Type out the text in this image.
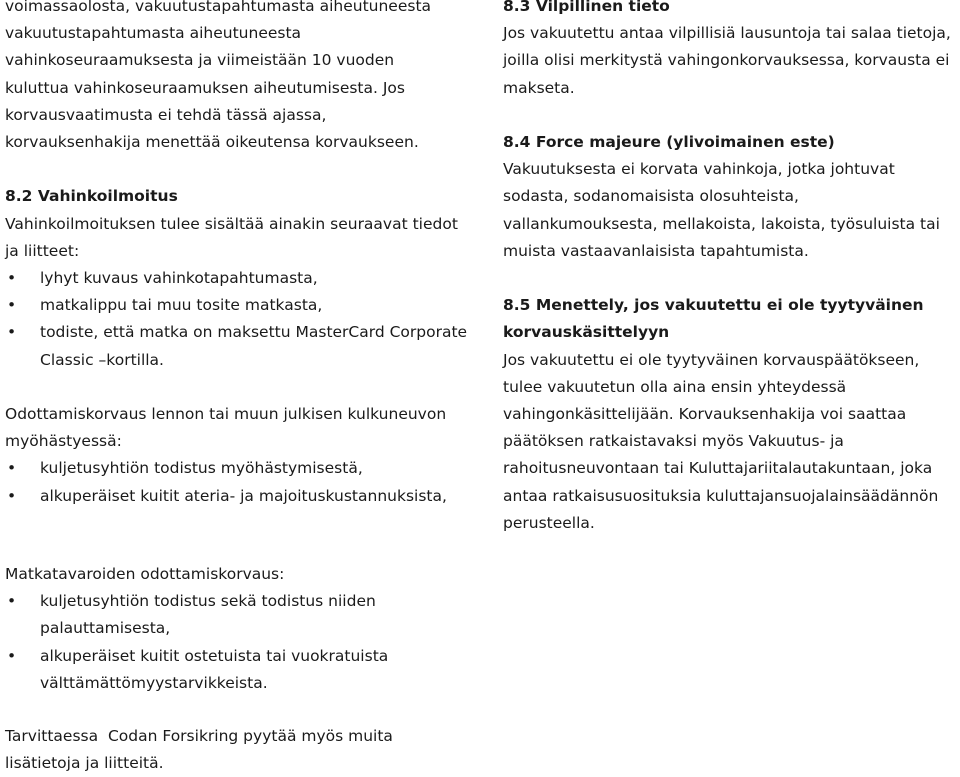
voimassaolosta, vakuutustapahtumasta aiheutuneesta

vakuutustapahtumasta aiheutuneesta

vahinkoseuraamuksesta ja viimeistään 10 vuoden

kuluttua vahinkoseuraamuksen aiheutumisesta. Jos

korvausvaatimusta ei tehdä tässä ajassa,

korvauksenhakija menettää oikeutensa korvaukseen.

8.2 Vahinkoilmoitus

Vahinkoilmoituksen tulee sisältää ainakin seuraavat tiedot ja liitteet:

• lyhyt kuvaus vahinkotapahtumasta,
• matkalippu tai muu tosite matkasta,
• todiste, että matka on maksettu MasterCard Corporate Classic –kortilla.

Odottamiskorvaus lennon tai muun julkisen kulkuneuvon myöhästyessä:

• kuljetusyhtiön todistus myöhästymisestä,
• alkuperäiset kuitit ateria- ja majoituskustannuksista,

8.3 Vilpillinen tieto

Jos vakuutettu antaa vilpillisiä lausuntoja tai salaa tietoja, joilla olisi merkitystä vahingonkorvauksessa, korvausta ei makseta.

8.4 Force majeure (ylivoimainen este)

Vakuutuksesta ei korvata vahinkoja, jotka johtuvat sodasta, sodanomaisista olosuhteista, vallankumouksesta, mellakoista, lakoista, työsuluista tai muista vastaavanlaisista tapahtumista.

8.5 Menettely, jos vakuutettu ei ole tyytyväinen korvauskäsittelyyn

Jos vakuutettu ei ole tyytyväinen korvauspäätökseen, tulee vakuutetun olla aina ensin yhteydessä vahingonkäsittelijään. Korvauksenhakija voi saattaa päätöksen ratkaistavaksi myös Vakuutus- ja rahoitusneuvontaan tai Kuluttajariitalautakuntaan, joka antaa ratkaisusuosituksia kuluttajansuojalainsäädännön perusteella.

Matkatavaroiden odottamiskorvaus:

• kuljetusyhtiön todistus sekä todistus niiden palauttamisesta,
• alkuperäiset kuitit ostetuista tai vuokratuista välttämättömyystarvikkeista.

Tarvittaessa  Codan Forsikring pyytää myös muita lisätietoja ja liitteitä.
